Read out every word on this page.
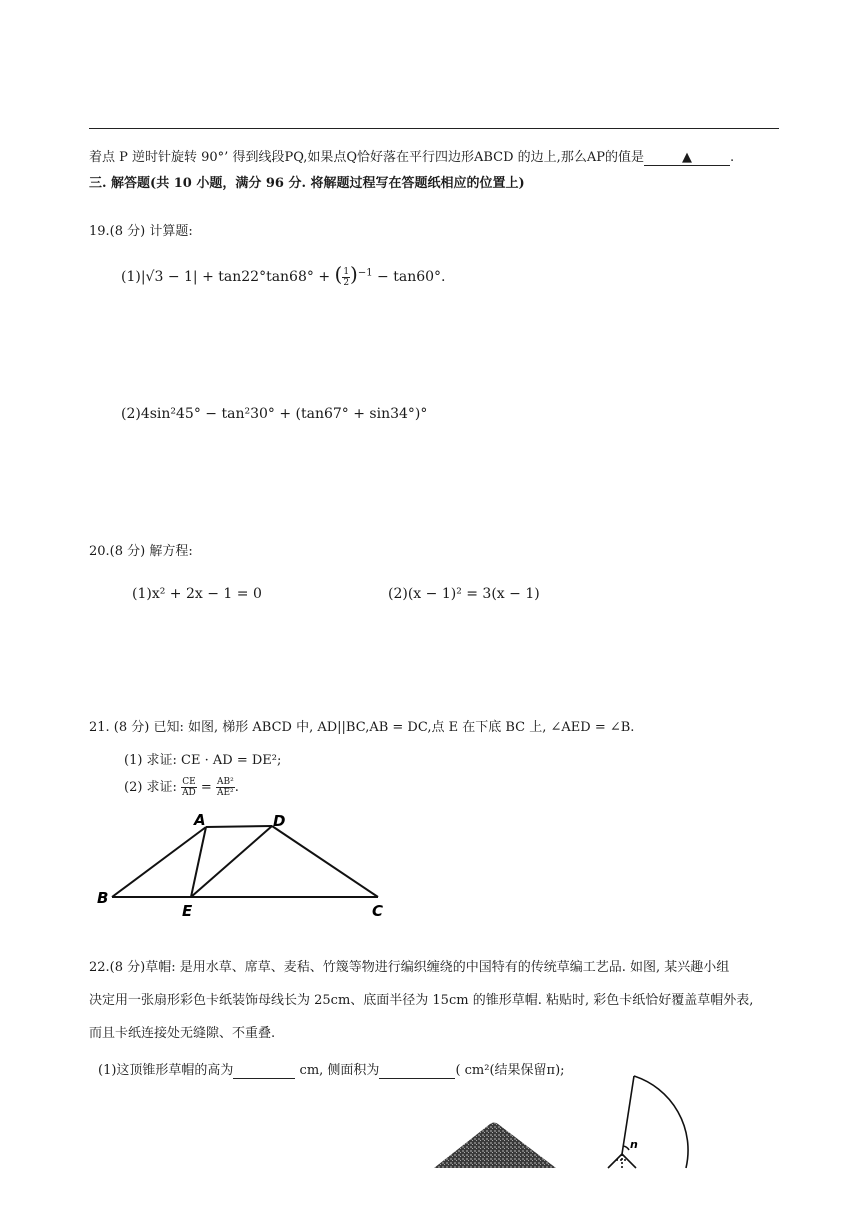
着点 P 逆时针旋转 90°’ 得到线段PQ,如果点Q恰好落在平行四边形ABCD 的边上,那么AP的值是	▲	.
三. 解答题(共 10 小题，满分 96 分. 将解题过程写在答题纸相应的位置上)
19.(8 分) 计算题:
(1)|√3 − 1| + tan22°tan68° + ( $\frac{1}{2} )^{-1} - \tan 60^\circ$.
(2)4sin²45° − tan²30° + (tan67° + sin34°)°
20.(8 分) 解方程:
(1)x² + 2x − 1 = 0	(2)(x − 1)² = 3(x − 1)
21. (8 分) 已知: 如图, 梯形 ABCD 中, AD||BC,AB = DC,点 E 在下底 BC 上, ∠AED = ∠B.
(1) 求证: CE · AD = DE²;
(2) 求证: $\frac{CE}{AD} = \frac{\text{AB²}}{\text{AE²}}$ .
A	D
B
E	C
22.(8 分)草帽: 是用水草、席草、麦秸、竹篾等物进行编织缠绕的中国特有的传统草编工艺品. 如图, 某兴趣小组
决定用一张扇形彩色卡纸装饰母线长为 25cm、底面半径为 15cm 的锥形草帽. 粘贴时, 彩色卡纸恰好覆盖草帽外表,
而且卡纸连接处无缝隙、不重叠.
(1)这顶锥形草帽的高为	cm, 侧面积为	( cm²(结果保留π);
n
